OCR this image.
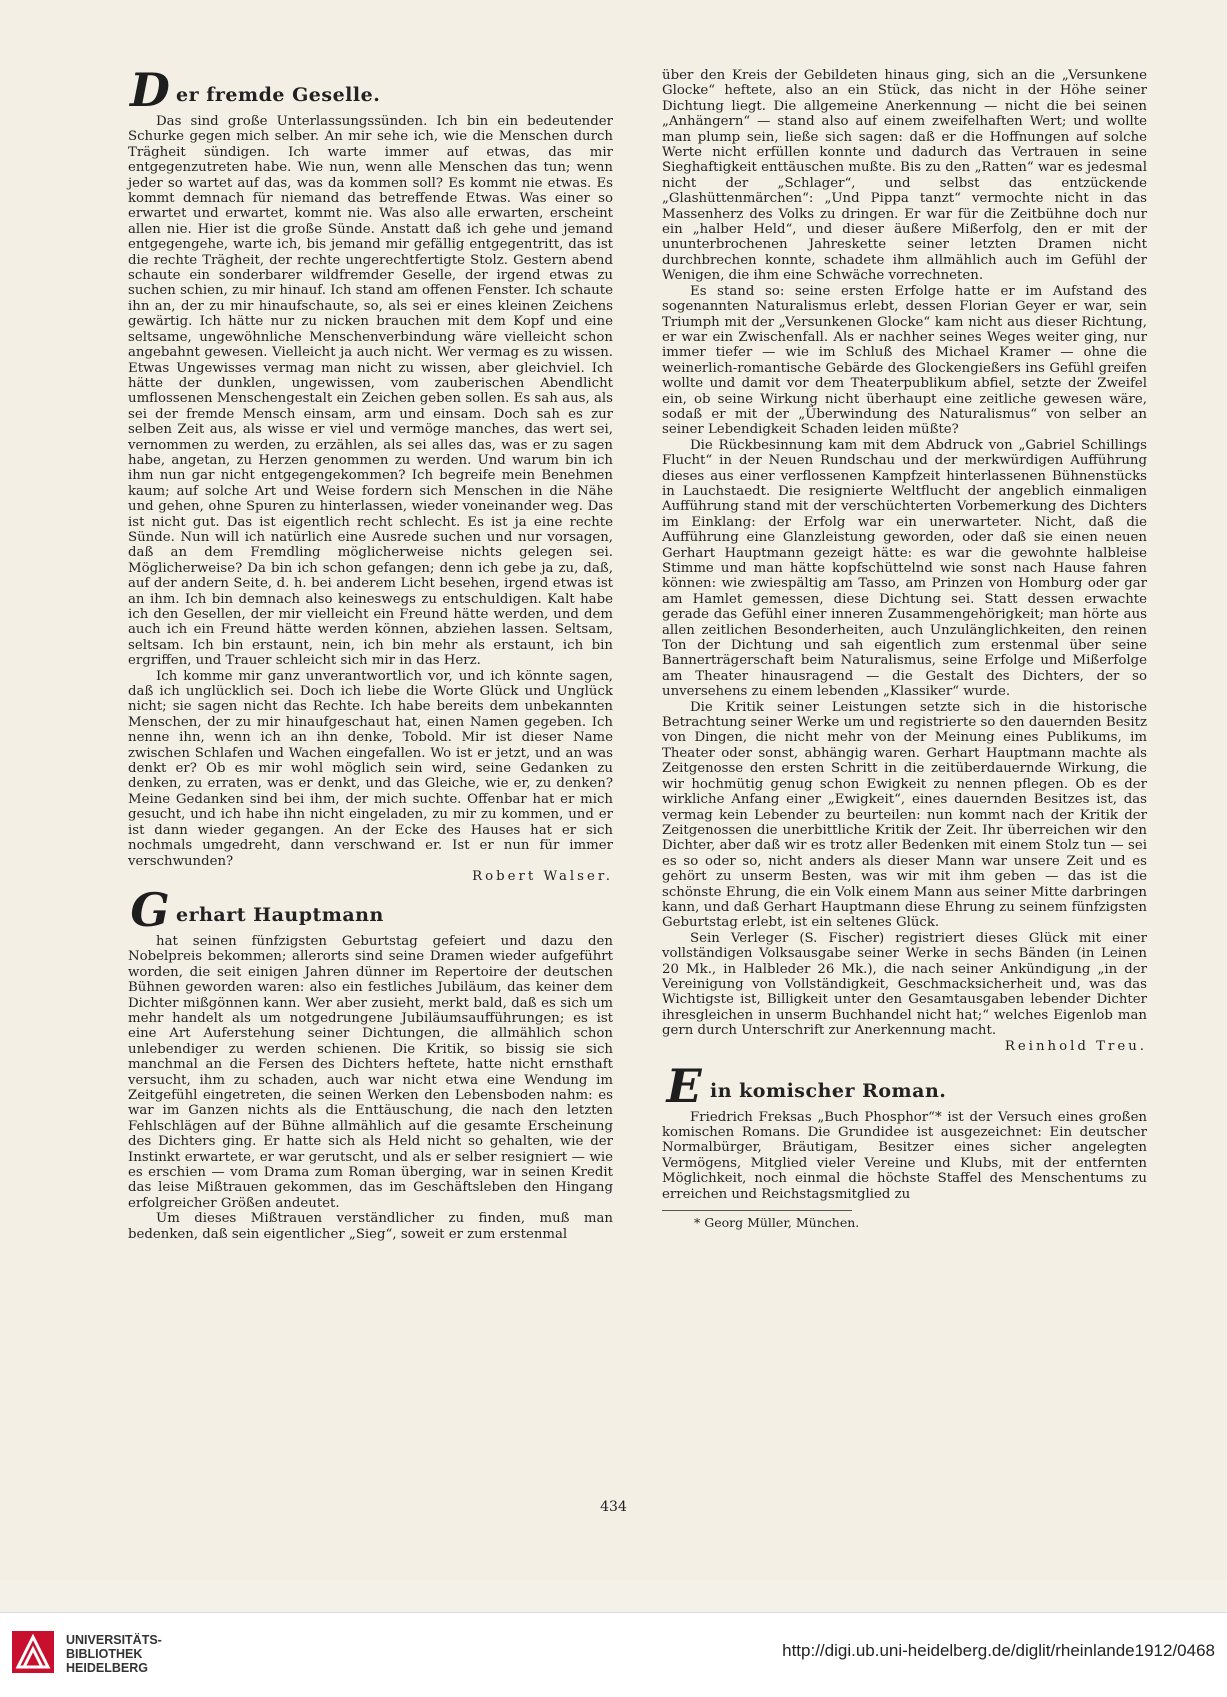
D er fremde Geselle.

Das sind große Unterlassungssünden. Ich bin ein bedeutender Schurke gegen mich selber. An mir sehe ich, wie die Menschen durch Trägheit sündigen. Ich warte immer auf etwas, das mir entgegenzutreten habe. Wie nun, wenn alle Menschen das tun; wenn jeder so wartet auf das, was da kommen soll? Es kommt nie etwas. Es kommt demnach für niemand das betreffende Etwas. Was einer so erwartet und erwartet, kommt nie. Was also alle erwarten, erscheint allen nie. Hier ist die große Sünde. Anstatt daß ich gehe und jemand entgegengehe, warte ich, bis jemand mir gefällig entgegentritt, das ist die rechte Trägheit, der rechte ungerechtfertigte Stolz. Gestern abend schaute ein sonderbarer wildfremder Geselle, der irgend etwas zu suchen schien, zu mir hinauf. Ich stand am offenen Fenster. Ich schaute ihn an, der zu mir hinaufschaute, so, als sei er eines kleinen Zeichens gewärtig. Ich hätte nur zu nicken brauchen mit dem Kopf und eine seltsame, ungewöhnliche Menschenverbindung wäre vielleicht schon angebahnt gewesen. Vielleicht ja auch nicht. Wer vermag es zu wissen. Etwas Ungewisses vermag man nicht zu wissen, aber gleichviel. Ich hätte der dunklen, ungewissen, vom zauberischen Abendlicht umflossenen Menschengestalt ein Zeichen geben sollen. Es sah aus, als sei der fremde Mensch einsam, arm und einsam. Doch sah es zur selben Zeit aus, als wisse er viel und vermöge manches, das wert sei, vernommen zu werden, zu erzählen, als sei alles das, was er zu sagen habe, angetan, zu Herzen genommen zu werden. Und warum bin ich ihm nun gar nicht entgegengekommen? Ich begreife mein Benehmen kaum; auf solche Art und Weise fordern sich Menschen in die Nähe und gehen, ohne Spuren zu hinterlassen, wieder voneinander weg. Das ist nicht gut. Das ist eigentlich recht schlecht. Es ist ja eine rechte Sünde. Nun will ich natürlich eine Ausrede suchen und nur vorsagen, daß an dem Fremdling möglicherweise nichts gelegen sei. Möglicherweise? Da bin ich schon gefangen; denn ich gebe ja zu, daß, auf der andern Seite, d. h. bei anderem Licht besehen, irgend etwas ist an ihm. Ich bin demnach also keineswegs zu entschuldigen. Kalt habe ich den Gesellen, der mir vielleicht ein Freund hätte werden, und dem auch ich ein Freund hätte werden können, abziehen lassen. Seltsam, seltsam. Ich bin erstaunt, nein, ich bin mehr als erstaunt, ich bin ergriffen, und Trauer schleicht sich mir in das Herz.

Ich komme mir ganz unverantwortlich vor, und ich könnte sagen, daß ich unglücklich sei. Doch ich liebe die Worte Glück und Unglück nicht; sie sagen nicht das Rechte. Ich habe bereits dem unbekannten Menschen, der zu mir hinaufgeschaut hat, einen Namen gegeben. Ich nenne ihn, wenn ich an ihn denke, Tobold. Mir ist dieser Name zwischen Schlafen und Wachen eingefallen. Wo ist er jetzt, und an was denkt er? Ob es mir wohl möglich sein wird, seine Gedanken zu denken, zu erraten, was er denkt, und das Gleiche, wie er, zu denken? Meine Gedanken sind bei ihm, der mich suchte. Offenbar hat er mich gesucht, und ich habe ihn nicht eingeladen, zu mir zu kommen, und er ist dann wieder gegangen. An der Ecke des Hauses hat er sich nochmals umgedreht, dann verschwand er. Ist er nun für immer verschwunden?

Robert Walser.

G erhart Hauptmann

hat seinen fünfzigsten Geburtstag gefeiert und dazu den Nobelpreis bekommen; allerorts sind seine Dramen wieder aufgeführt worden, die seit einigen Jahren dünner im Repertoire der deutschen Bühnen geworden waren: also ein festliches Jubiläum, das keiner dem Dichter mißgönnen kann. Wer aber zusieht, merkt bald, daß es sich um mehr handelt als um notgedrungene Jubiläumsaufführungen; es ist eine Art Auferstehung seiner Dichtungen, die allmählich schon unlebendiger zu werden schienen. Die Kritik, so bissig sie sich manchmal an die Fersen des Dichters heftete, hatte nicht ernsthaft versucht, ihm zu schaden, auch war nicht etwa eine Wendung im Zeitgefühl eingetreten, die seinen Werken den Lebensboden nahm: es war im Ganzen nichts als die Enttäuschung, die nach den letzten Fehlschlägen auf der Bühne allmählich auf die gesamte Erscheinung des Dichters ging. Er hatte sich als Held nicht so gehalten, wie der Instinkt erwartete, er war gerutscht, und als er selber resigniert — wie es erschien — vom Drama zum Roman überging, war in seinen Kredit das leise Mißtrauen gekommen, das im Geschäftsleben den Hingang erfolgreicher Größen andeutet.

Um dieses Mißtrauen verständlicher zu finden, muß man bedenken, daß sein eigentlicher „Sieg“, soweit er zum erstenmal

über den Kreis der Gebildeten hinaus ging, sich an die „Versunkene Glocke“ heftete, also an ein Stück, das nicht in der Höhe seiner Dichtung liegt. Die allgemeine Anerkennung — nicht die bei seinen „Anhängern“ — stand also auf einem zweifelhaften Wert; und wollte man plump sein, ließe sich sagen: daß er die Hoffnungen auf solche Werte nicht erfüllen konnte und dadurch das Vertrauen in seine Sieghaftigkeit enttäuschen mußte. Bis zu den „Ratten“ war es jedesmal nicht der „Schlager“, und selbst das entzückende „Glashüttenmärchen“: „Und Pippa tanzt“ vermochte nicht in das Massenherz des Volks zu dringen. Er war für die Zeitbühne doch nur ein „halber Held“, und dieser äußere Mißerfolg, den er mit der ununterbrochenen Jahreskette seiner letzten Dramen nicht durchbrechen konnte, schadete ihm allmählich auch im Gefühl der Wenigen, die ihm eine Schwäche vorrechneten.

Es stand so: seine ersten Erfolge hatte er im Aufstand des sogenannten Naturalismus erlebt, dessen Florian Geyer er war, sein Triumph mit der „Versunkenen Glocke“ kam nicht aus dieser Richtung, er war ein Zwischenfall. Als er nachher seines Weges weiter ging, nur immer tiefer — wie im Schluß des Michael Kramer — ohne die weinerlich-romantische Gebärde des Glockengießers ins Gefühl greifen wollte und damit vor dem Theaterpublikum abfiel, setzte der Zweifel ein, ob seine Wirkung nicht überhaupt eine zeitliche gewesen wäre, sodaß er mit der „Überwindung des Naturalismus“ von selber an seiner Lebendigkeit Schaden leiden müßte?

Die Rückbesinnung kam mit dem Abdruck von „Gabriel Schillings Flucht“ in der Neuen Rundschau und der merkwürdigen Aufführung dieses aus einer verflossenen Kampfzeit hinterlassenen Bühnenstücks in Lauchstaedt. Die resignierte Weltflucht der angeblich einmaligen Aufführung stand mit der verschüchterten Vorbemerkung des Dichters im Einklang: der Erfolg war ein unerwarteter. Nicht, daß die Aufführung eine Glanzleistung geworden, oder daß sie einen neuen Gerhart Hauptmann gezeigt hätte: es war die gewohnte halbleise Stimme und man hätte kopfschüttelnd wie sonst nach Hause fahren können: wie zwiespältig am Tasso, am Prinzen von Homburg oder gar am Hamlet gemessen, diese Dichtung sei. Statt dessen erwachte gerade das Gefühl einer inneren Zusammengehörigkeit; man hörte aus allen zeitlichen Besonderheiten, auch Unzulänglichkeiten, den reinen Ton der Dichtung und sah eigentlich zum erstenmal über seine Bannerträgerschaft beim Naturalismus, seine Erfolge und Mißerfolge am Theater hinausragend — die Gestalt des Dichters, der so unversehens zu einem lebenden „Klassiker“ wurde.

Die Kritik seiner Leistungen setzte sich in die historische Betrachtung seiner Werke um und registrierte so den dauernden Besitz von Dingen, die nicht mehr von der Meinung eines Publikums, im Theater oder sonst, abhängig waren. Gerhart Hauptmann machte als Zeitgenosse den ersten Schritt in die zeitüberdauernde Wirkung, die wir hochmütig genug schon Ewigkeit zu nennen pflegen. Ob es der wirkliche Anfang einer „Ewigkeit“, eines dauernden Besitzes ist, das vermag kein Lebender zu beurteilen: nun kommt nach der Kritik der Zeitgenossen die unerbittliche Kritik der Zeit. Ihr überreichen wir den Dichter, aber daß wir es trotz aller Bedenken mit einem Stolz tun — sei es so oder so, nicht anders als dieser Mann war unsere Zeit und es gehört zu unserm Besten, was wir mit ihm geben — das ist die schönste Ehrung, die ein Volk einem Mann aus seiner Mitte darbringen kann, und daß Gerhart Hauptmann diese Ehrung zu seinem fünfzigsten Geburtstag erlebt, ist ein seltenes Glück.

Sein Verleger (S. Fischer) registriert dieses Glück mit einer vollständigen Volksausgabe seiner Werke in sechs Bänden (in Leinen 20 Mk., in Halbleder 26 Mk.), die nach seiner Ankündigung „in der Vereinigung von Vollständigkeit, Geschmacksicherheit und, was das Wichtigste ist, Billigkeit unter den Gesamtausgaben lebender Dichter ihresgleichen in unserm Buchhandel nicht hat;“ welches Eigenlob man gern durch Unterschrift zur Anerkennung macht.

Reinhold Treu.

E in komischer Roman.

Friedrich Freksas „Buch Phosphor“* ist der Versuch eines großen komischen Romans. Die Grundidee ist ausgezeichnet: Ein deutscher Normalbürger, Bräutigam, Besitzer eines sicher angelegten Vermögens, Mitglied vieler Vereine und Klubs, mit der entfernten Möglichkeit, noch einmal die höchste Staffel des Menschentums zu erreichen und Reichstagsmitglied zu

* Georg Müller, München.

434
UNIVERSITÄTS-
BIBLIOTHEK
HEIDELBERG
http://digi.ub.uni-heidelberg.de/diglit/rheinlande1912/0468
